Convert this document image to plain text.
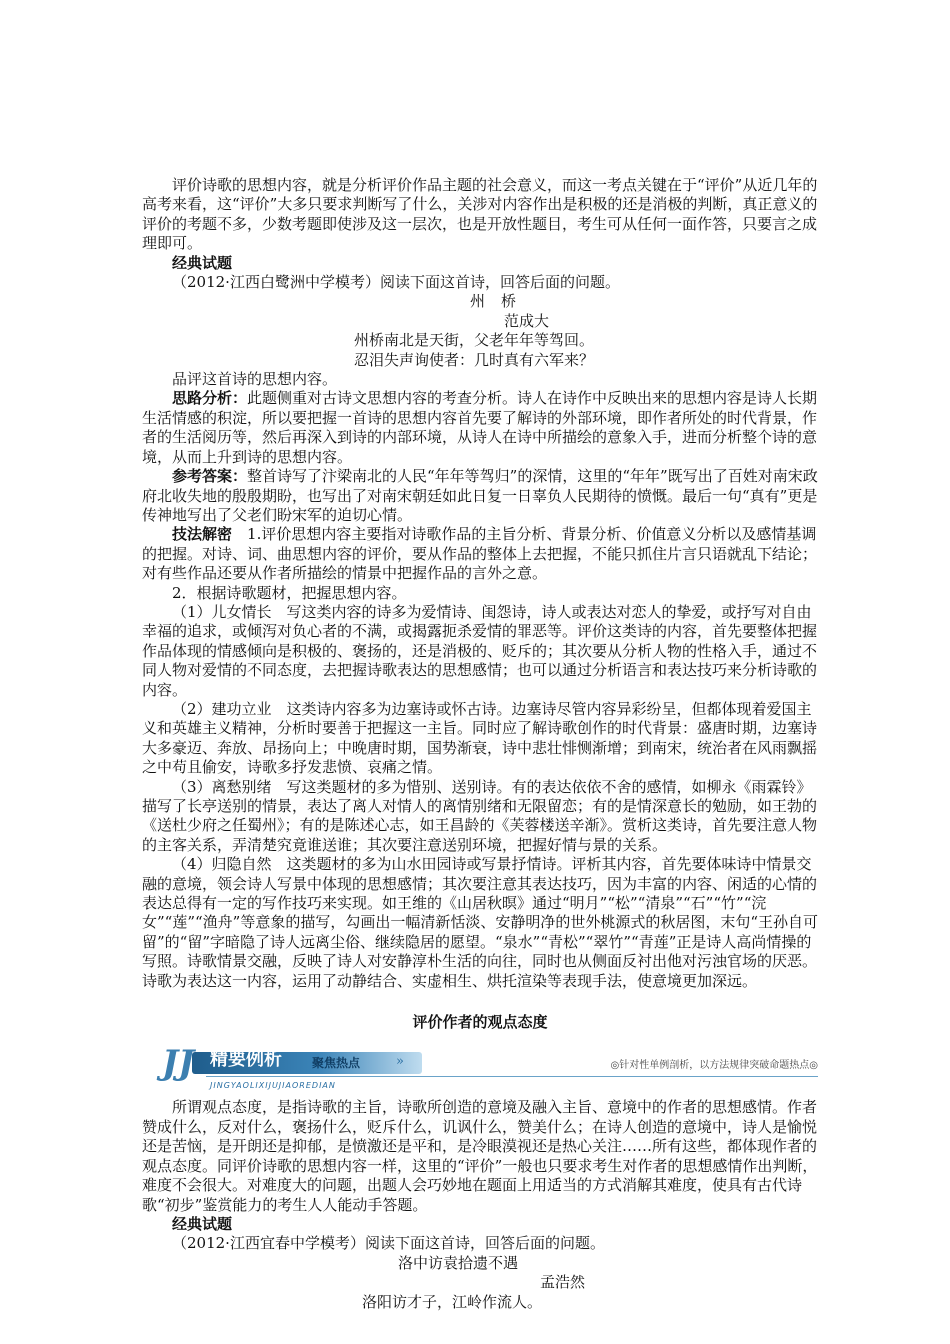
评价诗歌的思想内容，就是分析评价作品主题的社会意义，而这一考点关键在于“评价”从近几年的高考来看，这“评价”大多只要求判断写了什么，关涉对内容作出是积极的还是消极的判断，真正意义的评价的考题不多，少数考题即使涉及这一层次，也是开放性题目，考生可从任何一面作答，只要言之成理即可。

经典试题

（2012·江西白鹭洲中学模考）阅读下面这首诗，回答后面的问题。

州桥

范成大

州桥南北是天街，父老年年等驾回。

忍泪失声询使者：几时真有六军来？

品评这首诗的思想内容。

思路分析：此题侧重对古诗文思想内容的考查分析。诗人在诗作中反映出来的思想内容是诗人长期生活情感的积淀，所以要把握一首诗的思想内容首先要了解诗的外部环境，即作者所处的时代背景，作者的生活阅历等，然后再深入到诗的内部环境，从诗人在诗中所描绘的意象入手，进而分析整个诗的意境，从而上升到诗的思想内容。

参考答案：整首诗写了汴梁南北的人民“年年等驾归”的深情，这里的“年年”既写出了百姓对南宋政府北收失地的殷殷期盼，也写出了对南宋朝廷如此日复一日辜负人民期待的愤慨。最后一句“真有”更是传神地写出了父老们盼宋军的迫切心情。

技法解密　 1.评价思想内容主要指对诗歌作品的主旨分析、背景分析、价值意义分析以及感情基调的把握。对诗、词、曲思想内容的评价，要从作品的整体上去把握，不能只抓住片言只语就乱下结论；对有些作品还要从作者所描绘的情景中把握作品的言外之意。

2．根据诗歌题材，把握思想内容。

（1）儿女情长　写这类内容的诗多为爱情诗、闺怨诗，诗人或表达对恋人的挚爱，或抒写对自由幸福的追求，或倾泻对负心者的不满，或揭露扼杀爱情的罪恶等。评价这类诗的内容，首先要整体把握作品体现的情感倾向是积极的、褒扬的，还是消极的、贬斥的；其次要从分析人物的性格入手，通过不同人物对爱情的不同态度，去把握诗歌表达的思想感情；也可以通过分析语言和表达技巧来分析诗歌的内容。

（2）建功立业　这类诗内容多为边塞诗或怀古诗。边塞诗尽管内容异彩纷呈，但都体现着爱国主义和英雄主义精神，分析时要善于把握这一主旨。同时应了解诗歌创作的时代背景：盛唐时期，边塞诗大多豪迈、奔放、昂扬向上；中晚唐时期，国势渐衰，诗中悲壮悱恻渐增；到南宋，统治者在风雨飘摇之中苟且偷安，诗歌多抒发悲愤、哀痛之情。

（3）离愁别绪　写这类题材的多为惜别、送别诗。有的表达依依不舍的感情，如柳永《雨霖铃》描写了长亭送别的情景，表达了离人对情人的离情别绪和无限留恋；有的是情深意长的勉励，如王勃的《送杜少府之任蜀州》；有的是陈述心志，如王昌龄的《芙蓉楼送辛渐》。赏析这类诗，首先要注意人物的主客关系，弄清楚究竟谁送谁；其次要注意送别环境，把握好情与景的关系。

（4）归隐自然　这类题材的多为山水田园诗或写景抒情诗。评析其内容，首先要体味诗中情景交融的意境，领会诗人写景中体现的思想感情；其次要注意其表达技巧，因为丰富的内容、闲适的心情的表达总得有一定的写作技巧来实现。如王维的《山居秋暝》通过“明月”“松”“清泉”“石”“竹”“浣女”“莲”“渔舟”等意象的描写，勾画出一幅清新恬淡、安静明净的世外桃源式的秋居图，末句“王孙自可留”的“留”字暗隐了诗人远离尘俗、继续隐居的愿望。“泉水”“青松”“翠竹”“青莲”正是诗人高尚情操的写照。诗歌情景交融，反映了诗人对安静淳朴生活的向往，同时也从侧面反衬出他对污浊官场的厌恶。诗歌为表达这一内容，运用了动静结合、实虚相生、烘托渲染等表现手法，使意境更加深远。

评价作者的观点态度

JJ 精要例析	聚焦热点	»
JINGYAOLIXIJUJIAOREDIAN
◎针对性单例剖析，以方法规律突破命题热点◎

所谓观点态度，是指诗歌的主旨，诗歌所创造的意境及融入主旨、意境中的作者的思想感情。作者赞成什么，反对什么，褒扬什么，贬斥什么，讥讽什么，赞美什么；在诗人创造的意境中，诗人是愉悦还是苦恼，是开朗还是抑郁，是愤激还是平和，是冷眼漠视还是热心关注……所有这些，都体现作者的观点态度。同评价诗歌的思想内容一样，这里的“评价”一般也只要求考生对作者的思想感情作出判断，难度不会很大。对难度大的问题，出题人会巧妙地在题面上用适当的方式消解其难度，使具有古代诗歌“初步”鉴赏能力的考生人人能动手答题。

经典试题

（2012·江西宜春中学模考）阅读下面这首诗，回答后面的问题。

洛中访袁拾遗不遇

孟浩然

洛阳访才子，江岭作流人。
